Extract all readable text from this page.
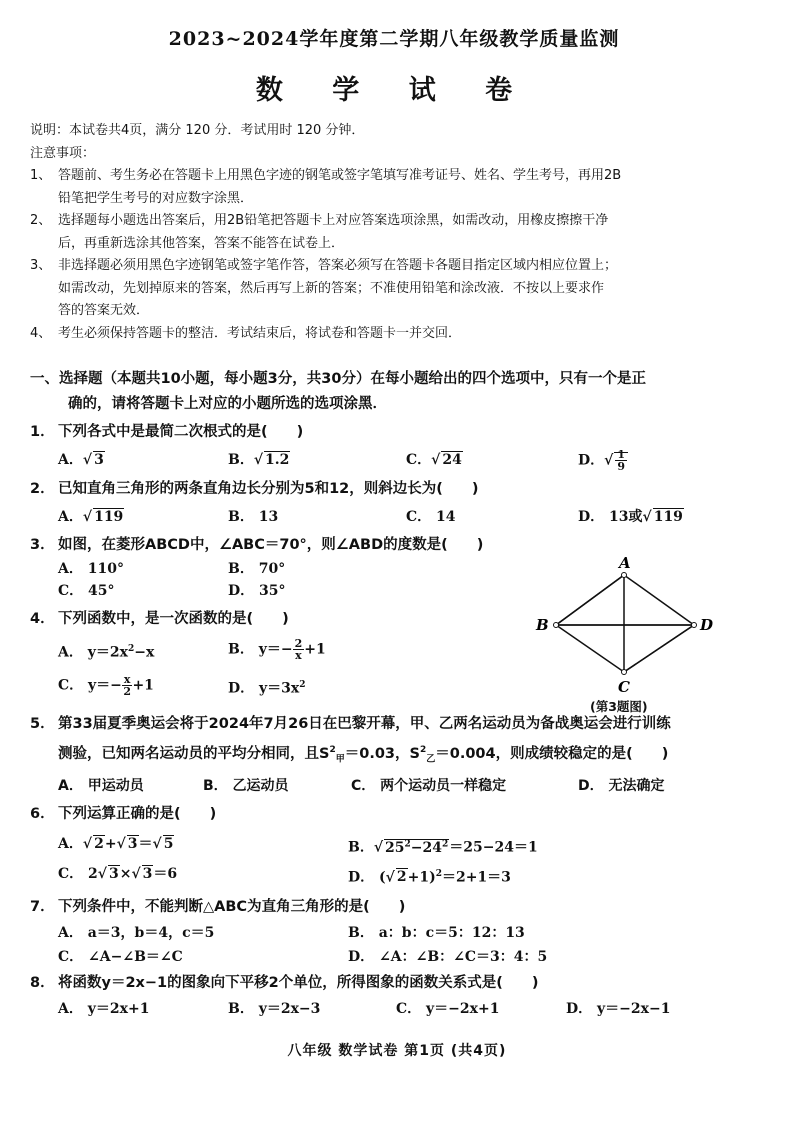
2023~2024学年度第二学期八年级教学质量监测
数 学 试 卷
说明：本试卷共4页，满分 120 分．考试用时 120 分钟．
注意事项：
1、 答题前、考生务必在答题卡上用黑色字迹的钢笔或签字笔填写准考证号、姓名、学生考号，再用2B
铅笔把学生考号的对应数字涂黑．
2、 选择题每小题选出答案后，用2B铅笔把答题卡上对应答案选项涂黑，如需改动，用橡皮擦擦干净
后，再重新选涂其他答案，答案不能答在试卷上．
3、 非选择题必须用黑色字迹钢笔或签字笔作答，答案必须写在答题卡各题目指定区域内相应位置上；
如需改动，先划掉原来的答案，然后再写上新的答案；不准使用铅笔和涂改液．不按以上要求作
答的答案无效．
4、 考生必须保持答题卡的整洁．考试结束后，将试卷和答题卡一并交回．
一、选择题（本题共10小题，每小题3分，共30分）在每小题给出的四个选项中，只有一个是正
确的，请将答题卡上对应的小题所选的选项涂黑．
1． 下列各式中是最简二次根式的是(　　)
A．√ 3	B．√ 1.2	C．√ 24	D．√ $\frac{1}{9}$
2． 已知直角三角形的两条直角边长分别为5和12，则斜边长为(　　)
A．√ 119	B． 13	C． 14	D． 13或√ 119
3． 如图，在菱形ABCD中，∠ABC＝70°，则∠ABD的度数是(　　)
A． 110°	B． 70°
C． 45°	D． 35°
4． 下列函数中，是一次函数的是(　　)
A． $y=2x^2-x$	B． $y=- \frac{2}{x} +1$
C． $y=- \frac{x}{2} +1$	D． $y=3x^2$
5． 第33届夏季奥运会将于2024年7月26日在巴黎开幕，甲、乙两名运动员为备战奥运会进行训练
测验，已知两名运动员的平均分相同，且$S^2_甲=0.03$，$S^2_乙=0.004$，则成绩较稳定的是(　　)
A． 甲运动员	B． 乙运动员	C． 两个运动员一样稳定	D． 无法确定
6． 下列运算正确的是(　　)
A．√ 2+√ 3＝√ 5	B．√ $25^2-24^2=25-24=1$
C． 2√ 3×√ 3＝6	D． (√ 2+1)$^2$＝2+1＝3
7． 下列条件中，不能判断△ABC为直角三角形的是(　　)
A． a＝3，b＝4，c＝5	B． a：b：c＝5：12：13
C． ∠A−∠B＝∠C	D． ∠A：∠B：∠C＝3：4：5
8． 将函数y＝2x−1的图象向下平移2个单位，所得图象的函数关系式是(　　)
A． y＝2x+1	B． y＝2x−3	C． y＝−2x+1	D． y＝−2x−1
A
B	D
C
(第3题图)
八年级 数学试卷 第1页 (共4页)
